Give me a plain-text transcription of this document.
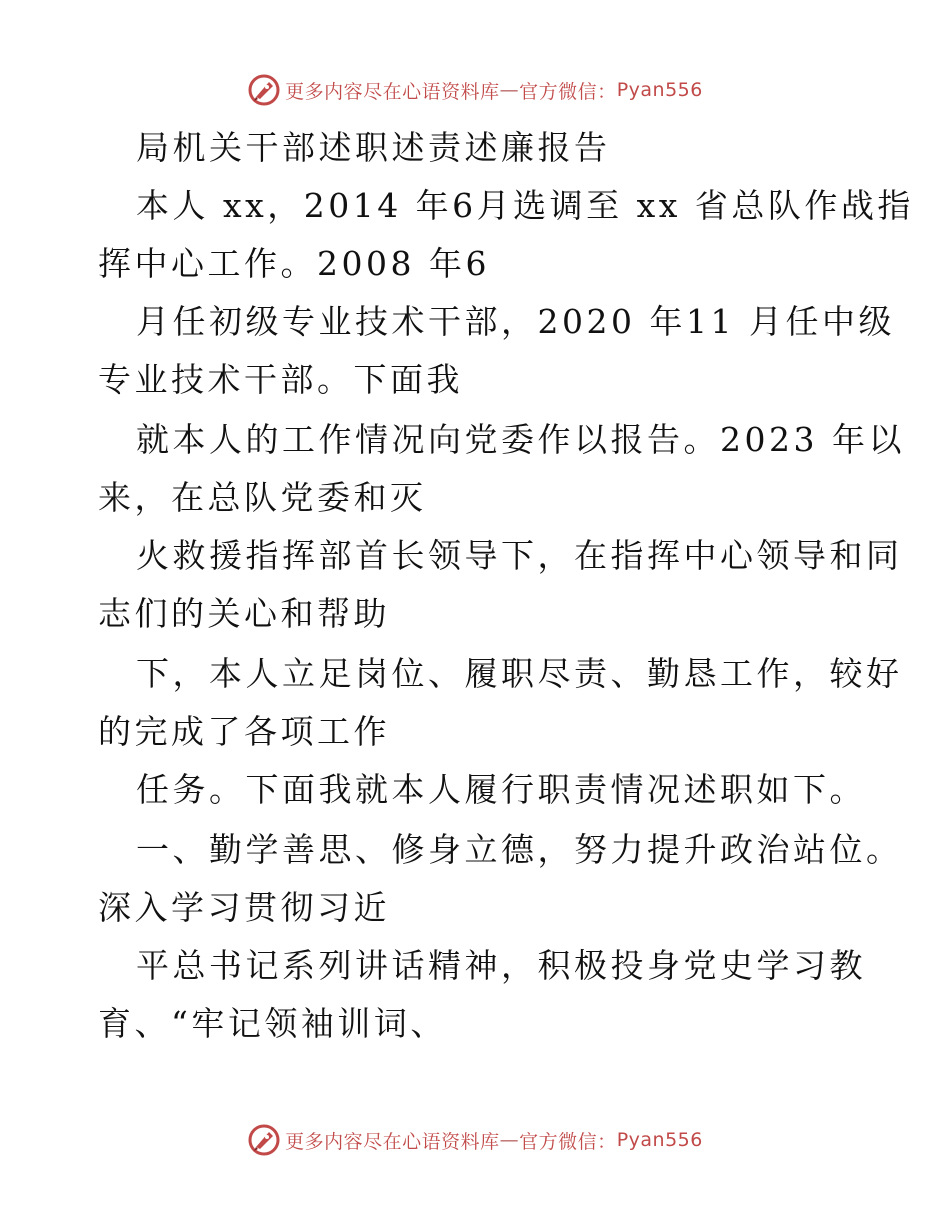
更多内容尽在心语资料库 — 官方微信： Pyan556
局机关干部述职述责述廉报告
本人 xx，2014 年6月选调至 xx 省总队作战指
挥中心工作。2008 年6
月任初级专业技术干部，2020 年11 月任中级
专业技术干部。下面我
就本人的工作情况向党委作以报告。2023 年以
来，在总队党委和灭
火救援指挥部首长领导下，在指挥中心领导和同
志们的关心和帮助
下，本人立足岗位、履职尽责、勤恳工作，较好
的完成了各项工作
任务。下面我就本人履行职责情况述职如下。
一、勤学善思、修身立德，努力提升政治站位。
深入学习贯彻习近
平总书记系列讲话精神，积极投身党史学习教
育、“牢记领袖训词、
更多内容尽在心语资料库 — 官方微信： Pyan556
